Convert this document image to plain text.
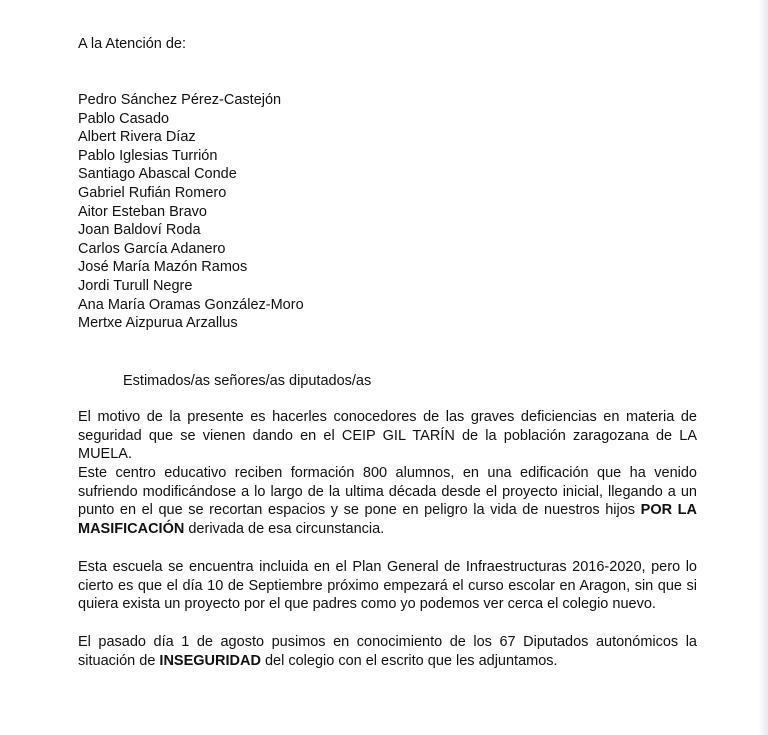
A la Atención de:
Pedro Sánchez Pérez-Castejón
Pablo Casado
Albert Rivera Díaz
Pablo Iglesias Turrión
Santiago Abascal Conde
Gabriel Rufián Romero
Aitor Esteban Bravo
Joan Baldoví Roda
Carlos García Adanero
José María Mazón Ramos
Jordi Turull Negre
Ana María Oramas González-Moro
Mertxe Aizpurua Arzallus
Estimados/as señores/as diputados/as
El motivo de la presente es hacerles conocedores de las graves deficiencias en materia de seguridad que se vienen dando en el CEIP GIL TARÍN de la población zaragozana de LA MUELA.
Este centro educativo reciben formación 800 alumnos, en una edificación que ha venido sufriendo modificándose a lo largo de la ultima década desde el proyecto inicial, llegando a un punto en el que se recortan espacios y se pone en peligro la vida de nuestros hijos POR LA MASIFICACIÓN derivada de esa circunstancia.
Esta escuela se encuentra incluida en el Plan General de Infraestructuras 2016-2020, pero lo cierto es que el día 10 de Septiembre próximo empezará el curso escolar en Aragon, sin que si quiera exista un proyecto por el que padres como yo podemos ver cerca el colegio nuevo.
El pasado día 1 de agosto pusimos en conocimiento de los 67 Diputados autonómicos la situación de INSEGURIDAD del colegio con el escrito que les adjuntamos.
